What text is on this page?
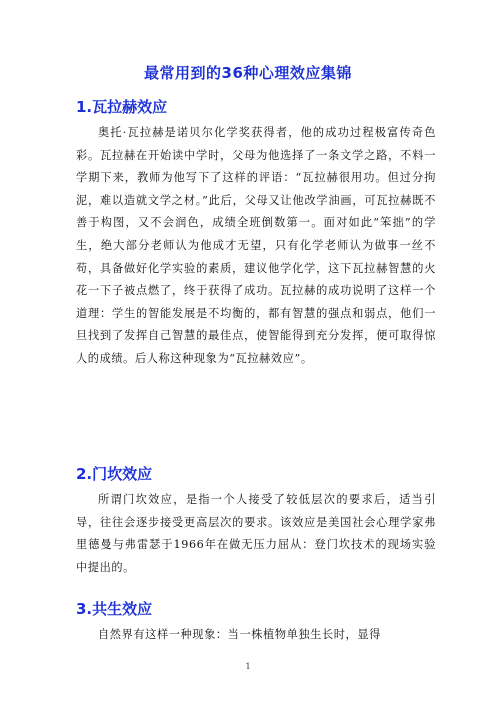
最常用到的36种心理效应集锦
1.瓦拉赫效应
奥托·瓦拉赫是诺贝尔化学奖获得者，他的成功过程极富传奇色彩。瓦拉赫在开始读中学时，父母为他选择了一条文学之路，不料一学期下来，教师为他写下了这样的评语：“瓦拉赫很用功。但过分拘泥，难以造就文学之材。”此后，父母又让他改学油画，可瓦拉赫既不善于构图，又不会润色，成绩全班倒数第一。面对如此“笨拙”的学生，绝大部分老师认为他成才无望，只有化学老师认为做事一丝不苟，具备做好化学实验的素质，建议他学化学，这下瓦拉赫智慧的火花一下子被点燃了，终于获得了成功。瓦拉赫的成功说明了这样一个道理：学生的智能发展是不均衡的，都有智慧的强点和弱点，他们一旦找到了发挥自己智慧的最佳点，使智能得到充分发挥，便可取得惊人的成绩。后人称这种现象为“瓦拉赫效应”。
2.门坎效应
所谓门坎效应，是指一个人接受了较低层次的要求后，适当引导，往往会逐步接受更高层次的要求。该效应是美国社会心理学家弗里德曼与弗雷瑟于1966年在做无压力屈从：登门坎技术的现场实验中提出的。
3.共生效应
自然界有这样一种现象：当一株植物单独生长时，显得
1
